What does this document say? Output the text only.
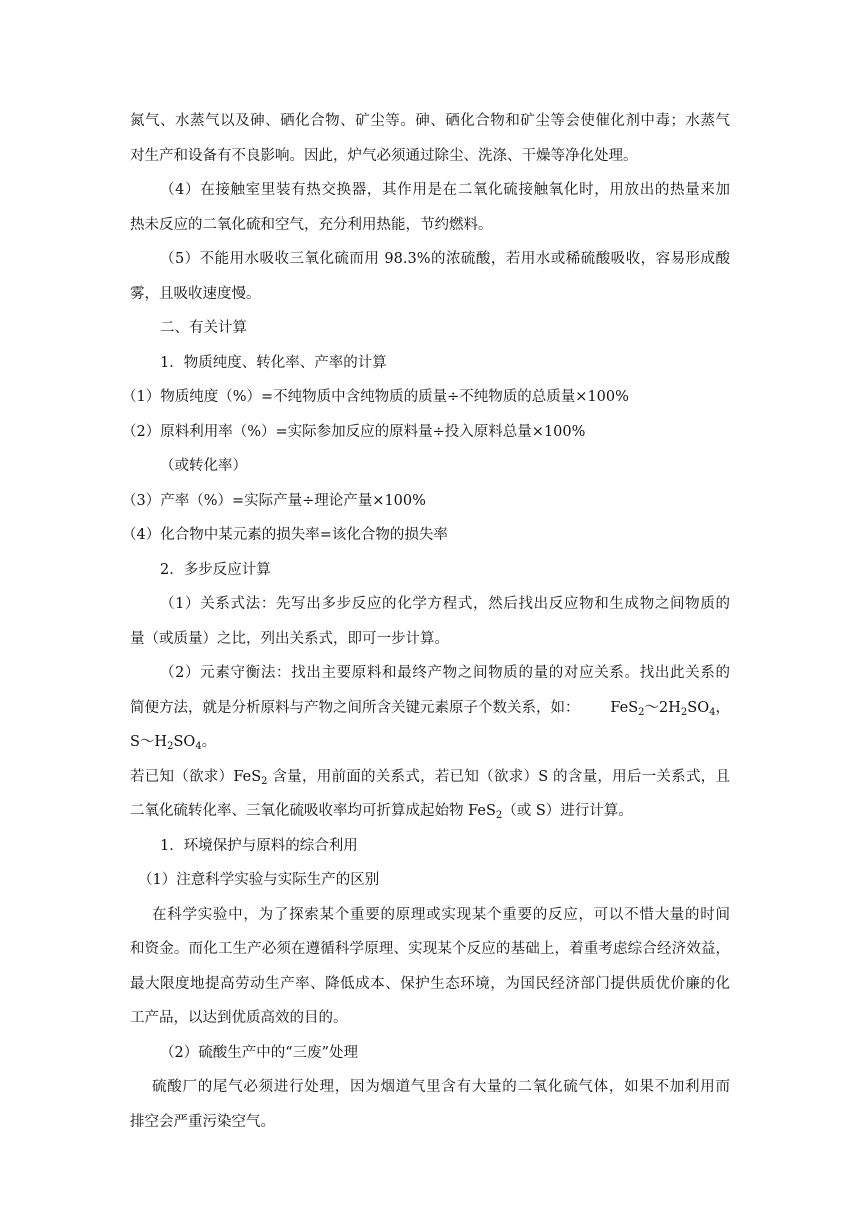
氮气、水蒸气以及砷、硒化合物、矿尘等。砷、硒化合物和矿尘等会使催化剂中毒；水蒸气
对生产和设备有不良影响。因此，炉气必须通过除尘、洗涤、干燥等净化处理。
（4）在接触室里装有热交换器，其作用是在二氧化硫接触氧化时，用放出的热量来加
热未反应的二氧化硫和空气，充分利用热能，节约燃料。
（5）不能用水吸收三氧化硫而用 98.3%的浓硫酸，若用水或稀硫酸吸收，容易形成酸
雾，且吸收速度慢。
二、有关计算
1．物质纯度、转化率、产率的计算
（1）物质纯度（%）=不纯物质中含纯物质的质量÷不纯物质的总质量×100%
（2）原料利用率（%）=实际参加反应的原料量÷投入原料总量×100%
（或转化率）
（3）产率（%）=实际产量÷理论产量×100%
（4）化合物中某元素的损失率=该化合物的损失率
2．多步反应计算
（1）关系式法：先写出多步反应的化学方程式，然后找出反应物和生成物之间物质的
量（或质量）之比，列出关系式，即可一步计算。
（2）元素守衡法：找出主要原料和最终产物之间物质的量的对应关系。找出此关系的
简便方法，就是分析原料与产物之间所含关键元素原子个数关系，如： $FeS_2\sim 2H_2SO_4$，
$S\sim H_2SO_4$。
若已知（欲求）FeS$_2$ 含量，用前面的关系式，若已知（欲求）S 的含量，用后一关系式，且
二氧化硫转化率、三氧化硫吸收率均可折算成起始物 FeS$_2$（或 S）进行计算。
1．环境保护与原料的综合利用
（1）注意科学实验与实际生产的区别
在科学实验中，为了探索某个重要的原理或实现某个重要的反应，可以不惜大量的时间
和资金。而化工生产必须在遵循科学原理、实现某个反应的基础上，着重考虑综合经济效益，
最大限度地提高劳动生产率、降低成本、保护生态环境，为国民经济部门提供质优价廉的化
工产品，以达到优质高效的目的。
（2）硫酸生产中的“三废”处理
硫酸厂的尾气必须进行处理，因为烟道气里含有大量的二氧化硫气体，如果不加利用而
排空会严重污染空气。
